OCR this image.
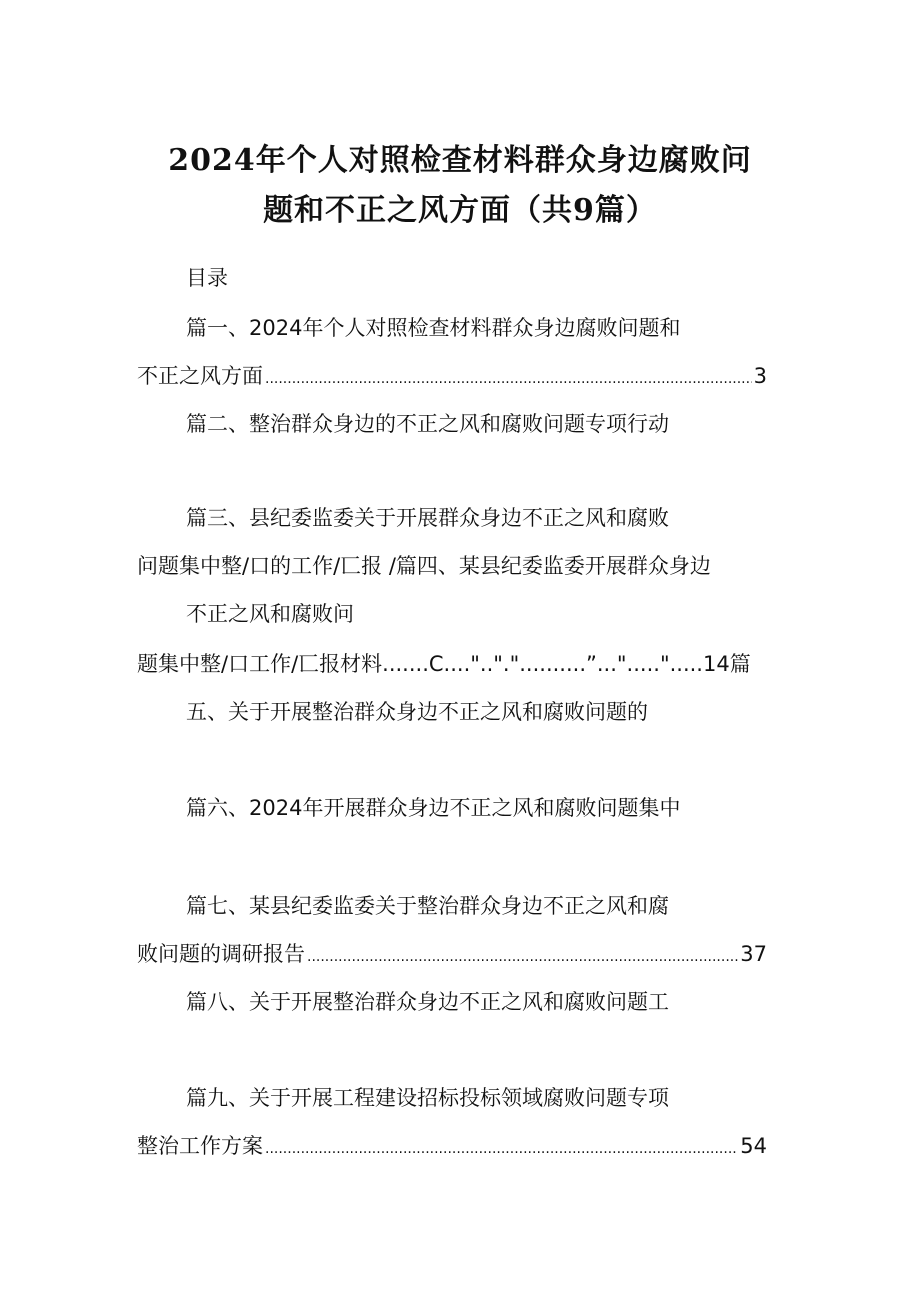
2024年个人对照检查材料群众身边腐败问
题和不正之风方面（共9篇）
目录
篇一、2024年个人对照检查材料群众身边腐败问题和
不正之风方面 .....	3
篇二、整治群众身边的不正之风和腐败问题专项行动
篇三、县纪委监委关于开展群众身边不正之风和腐败
问题集中整/口的工作/匸报 /篇四、某县纪委监委开展群众身边
不正之风和腐败问
题集中整/口工作/匸报材料.......C....".."."..........”...".....".....14篇
五、关于开展整治群众身边不正之风和腐败问题的
篇六、2024年开展群众身边不正之风和腐败问题集中
篇七、某县纪委监委关于整治群众身边不正之风和腐
败问题的调研报告 .....	37
篇八、关于开展整治群众身边不正之风和腐败问题工
篇九、关于开展工程建设招标投标领域腐败问题专项
整治工作方案 .....	54
